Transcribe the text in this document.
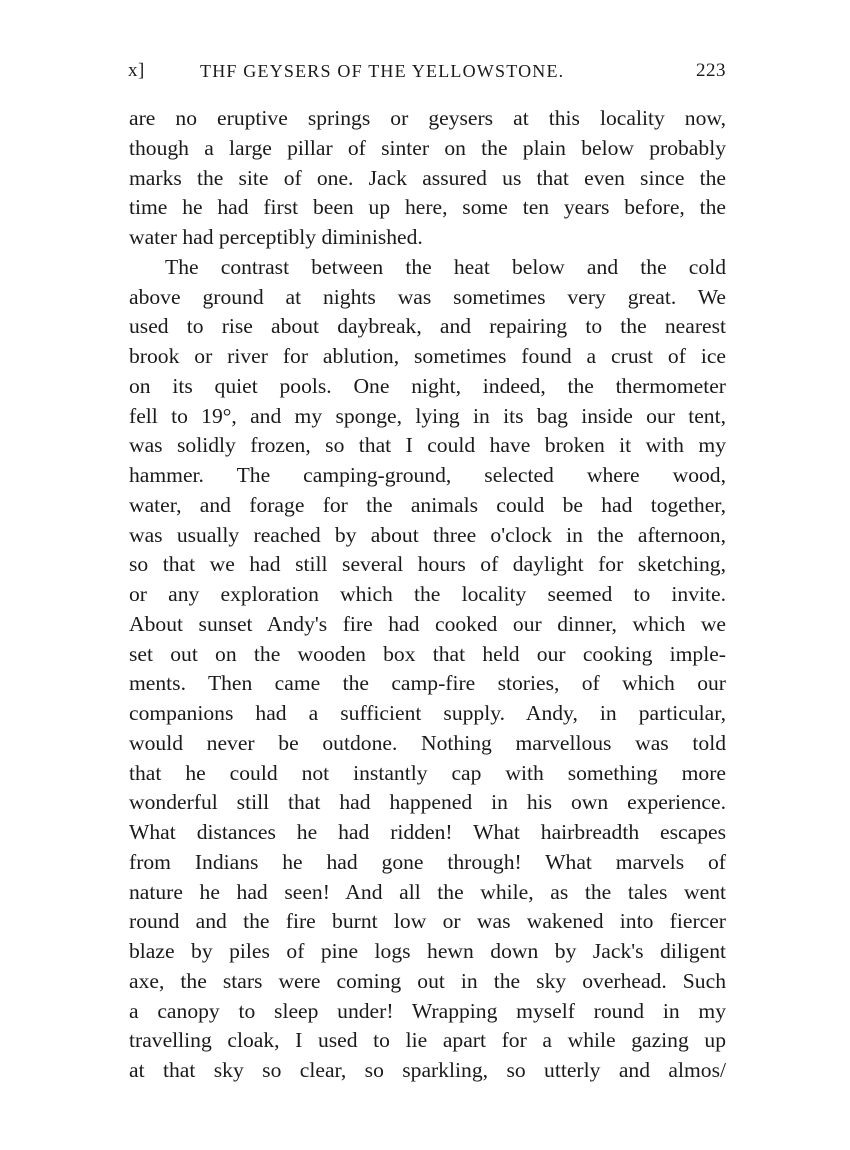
x]	THF GEYSERS OF THE YELLOWSTONE.	223
are no eruptive springs or geysers at this locality now,
though a large pillar of sinter on the plain below probably
marks the site of one. Jack assured us that even since the
time he had first been up here, some ten years before, the
water had perceptibly diminished.
The contrast between the heat below and the cold
above ground at nights was sometimes very great. We
used to rise about daybreak, and repairing to the nearest
brook or river for ablution, sometimes found a crust of ice
on its quiet pools. One night, indeed, the thermometer
fell to 19°, and my sponge, lying in its bag inside our tent,
was solidly frozen, so that I could have broken it with my
hammer. The camping-ground, selected where wood,
water, and forage for the animals could be had together,
was usually reached by about three o'clock in the afternoon,
so that we had still several hours of daylight for sketching,
or any exploration which the locality seemed to invite.
About sunset Andy's fire had cooked our dinner, which we
set out on the wooden box that held our cooking imple-
ments. Then came the camp-fire stories, of which our
companions had a sufficient supply. Andy, in particular,
would never be outdone. Nothing marvellous was told
that he could not instantly cap with something more
wonderful still that had happened in his own experience.
What distances he had ridden! What hairbreadth escapes
from Indians he had gone through! What marvels of
nature he had seen! And all the while, as the tales went
round and the fire burnt low or was wakened into fiercer
blaze by piles of pine logs hewn down by Jack's diligent
axe, the stars were coming out in the sky overhead. Such
a canopy to sleep under! Wrapping myself round in my
travelling cloak, I used to lie apart for a while gazing up
at that sky so clear, so sparkling, so utterly and almos/
